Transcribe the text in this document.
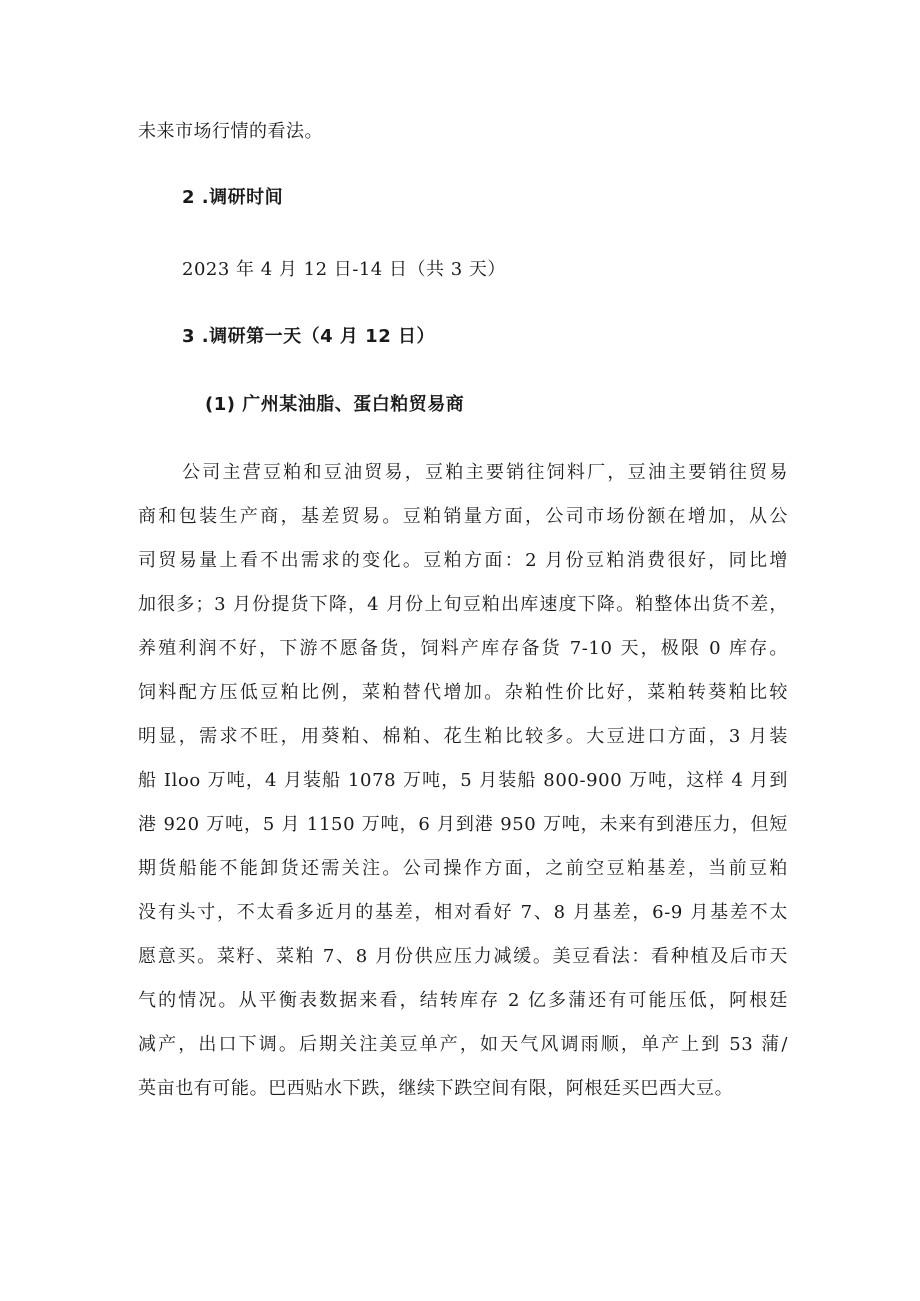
未来市场行情的看法。
2 .调研时间
2023 年 4 月 12 日-14 日（共 3 天）
3 .调研第一天（4 月 12 日）
(1) 广州某油脂、蛋白粕贸易商
公司主营豆粕和豆油贸易，豆粕主要销往饲料厂，豆油主要销往贸易
商和包装生产商，基差贸易。豆粕销量方面，公司市场份额在增加，从公
司贸易量上看不出需求的变化。豆粕方面：2 月份豆粕消费很好，同比增
加很多；3 月份提货下降，4 月份上旬豆粕出库速度下降。粕整体出货不差，
养殖利润不好，下游不愿备货，饲料产库存备货 7-10 天，极限 0 库存。
饲料配方压低豆粕比例，菜粕替代增加。杂粕性价比好，菜粕转葵粕比较
明显，需求不旺，用葵粕、棉粕、花生粕比较多。大豆进口方面，3 月装
船 Iloo 万吨，4 月装船 1078 万吨，5 月装船 800-900 万吨，这样 4 月到
港 920 万吨，5 月 1150 万吨，6 月到港 950 万吨，未来有到港压力，但短
期货船能不能卸货还需关注。公司操作方面，之前空豆粕基差，当前豆粕
没有头寸，不太看多近月的基差，相对看好 7、8 月基差，6-9 月基差不太
愿意买。菜籽、菜粕 7、8 月份供应压力减缓。美豆看法：看种植及后市天
气的情况。从平衡表数据来看，结转库存 2 亿多蒲还有可能压低，阿根廷
减产，出口下调。后期关注美豆单产，如天气风调雨顺，单产上到 53 蒲/
英亩也有可能。巴西贴水下跌，继续下跌空间有限，阿根廷买巴西大豆。
